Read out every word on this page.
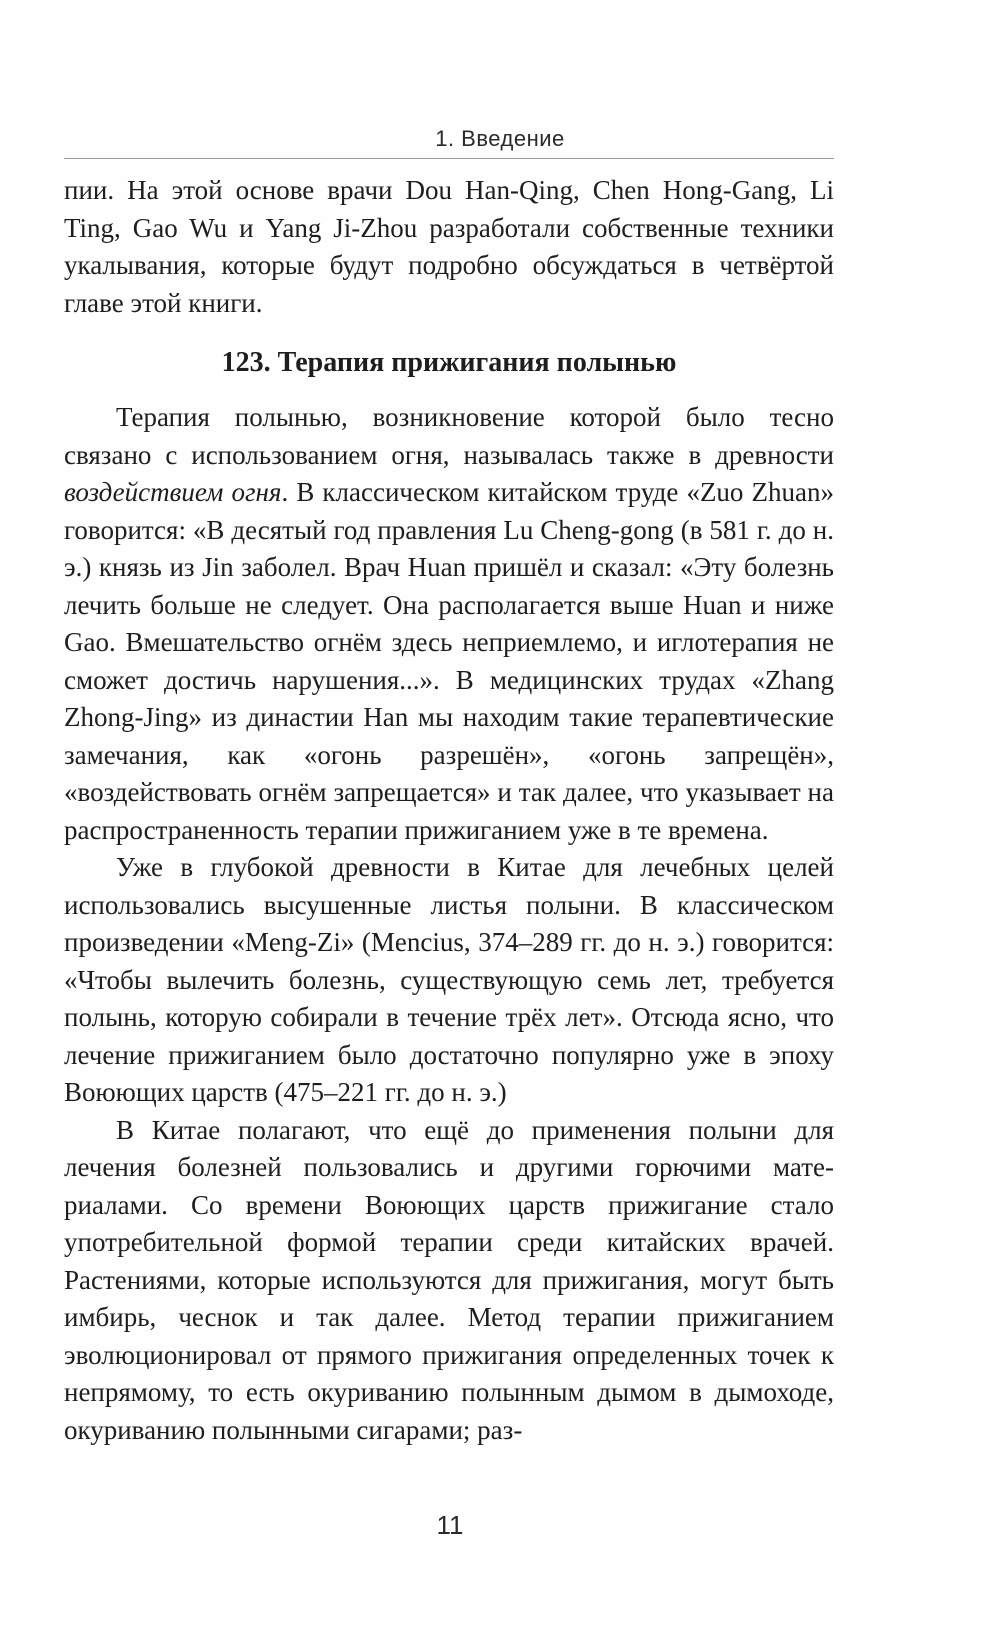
1. Введение

пии. На этой основе врачи Dou Han-Qing, Chen Hong-Gang, Li Ting, Gao Wu и Yang Ji-Zhou разработали собственные техники укалывания, которые будут подробно обсуждаться в четвёртой главе этой книги.

123. Терапия прижигания полынью

Терапия полынью, возникновение которой было тесно связано с использованием огня, называлась также в древности воздействием огня. В классическом китайском труде «Zuo Zhuan» говорится: «В десятый год правления Lu Cheng-gong (в 581 г. до н. э.) князь из Jin заболел. Врач Huan пришёл и сказал: «Эту болезнь лечить больше не следует. Она располагается выше Huan и ниже Gao. Вмешательство огнём здесь неприемлемо, и иглотерапия не сможет достичь нарушения...». В медицинских трудах «Zhang Zhong-Jing» из династии Han мы находим такие терапевтические замечания, как «огонь разрешён», «огонь запрещён», «воздействовать огнём запрещается» и так далее, что указывает на распространенность терапии прижиганием уже в те времена.

Уже в глубокой древности в Китае для лечебных целей использовались высушенные листья полыни. В классическом произведении «Meng-Zi» (Mencius, 374–289 гг. до н. э.) говорится: «Чтобы вылечить болезнь, существующую семь лет, требуется полынь, которую собирали в течение трёх лет». Отсюда ясно, что лечение прижиганием было достаточно популярно уже в эпоху Воюющих царств (475–221 гг. до н. э.)

В Китае полагают, что ещё до применения полыни для лечения болезней пользовались и другими горючими материалами. Со времени Воюющих царств прижигание стало употребительной формой терапии среди китайских врачей. Растениями, которые используются для прижигания, могут быть имбирь, чеснок и так далее. Метод терапии прижиганием эволюционировал от прямого прижигания определенных точек к непрямому, то есть окуриванию полынным дымом в дымоходе, окуриванию полынными сигарами; раз-

11
